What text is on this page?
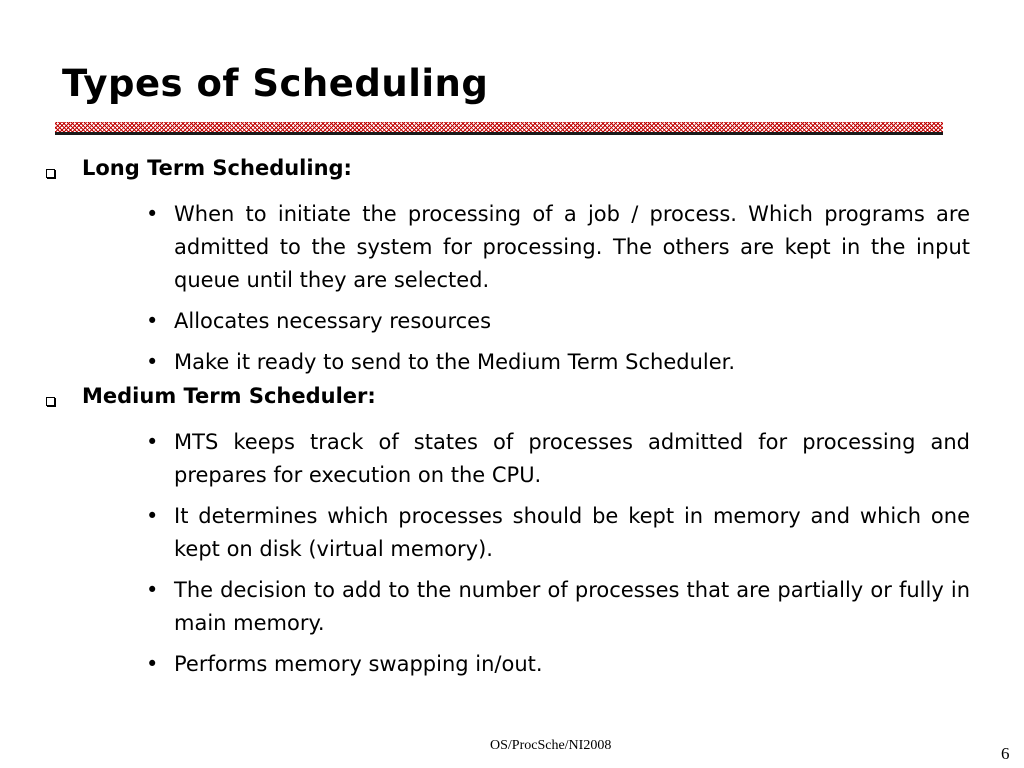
Types of Scheduling
Long Term Scheduling:
• When to initiate the processing of a job / process. Which programs are admitted to the system for processing. The others are kept in the input queue until they are selected.
• Allocates necessary resources
• Make it ready to send to the Medium Term Scheduler.
Medium Term Scheduler:
• MTS keeps track of states of processes admitted for processing and prepares for execution on the CPU.
• It determines which processes should be kept in memory and which one kept on disk (virtual memory).
• The decision to add to the number of processes that are partially or fully in main memory.
• Performs memory swapping in/out.
OS/ProcSche/NI2008	6
